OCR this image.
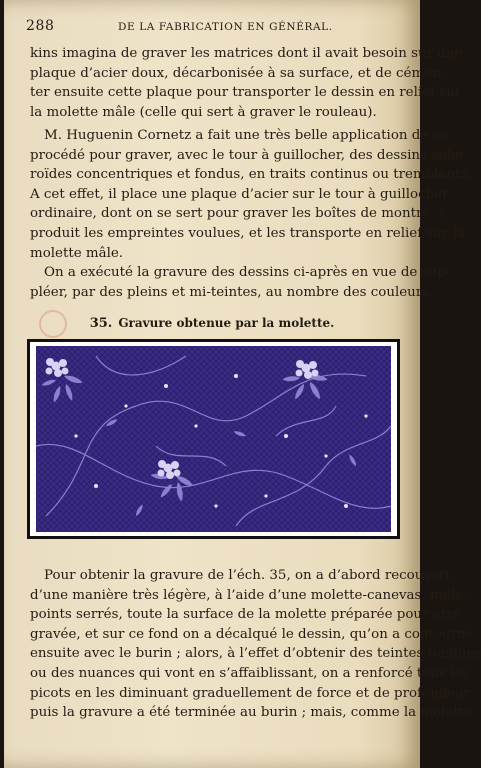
288	DE LA FABRICATION EN GÉNÉRAL.
kins imagina de graver les matrices dont il avait besoin sur une
plaque d’acier doux, décarbonisée à sa surface, et de cémen-
ter ensuite cette plaque pour transporter le dessin en relief sur
la molette mâle (celle qui sert à graver le rouleau).
M. Huguenin Cornetz a fait une très belle application de ce
procédé pour graver, avec le tour à guillocher, des dessins sphé-
roïdes concentriques et fondus, en traits continus ou tremblants.
A cet effet, il place une plaque d’acier sur le tour à guillocher
ordinaire, dont on se sert pour graver les boîtes de montre, y
produit les empreintes voulues, et les transporte en relief sur la
molette mâle.
On a exécuté la gravure des dessins ci-après en vue de sup-
pléer, par des pleins et mi-teintes, au nombre des couleurs.
35. Gravure obtenue par la molette.
Pour obtenir la gravure de l’éch. 35, on a d’abord recouvert,
d’une manière très légère, à l’aide d’une molette-canevas, mille-
points serrés, toute la surface de la molette préparée pour être
gravée, et sur ce fond on a décalqué le dessin, qu’on a contourné
ensuite avec le burin ; alors, à l’effet d’obtenir des teintes fondues
ou des nuances qui vont en s’affaiblissant, on a renforcé tous les
picots en les diminuant graduellement de force et de profondeur ;
puis la gravure a été terminée au burin ; mais, comme la molette
